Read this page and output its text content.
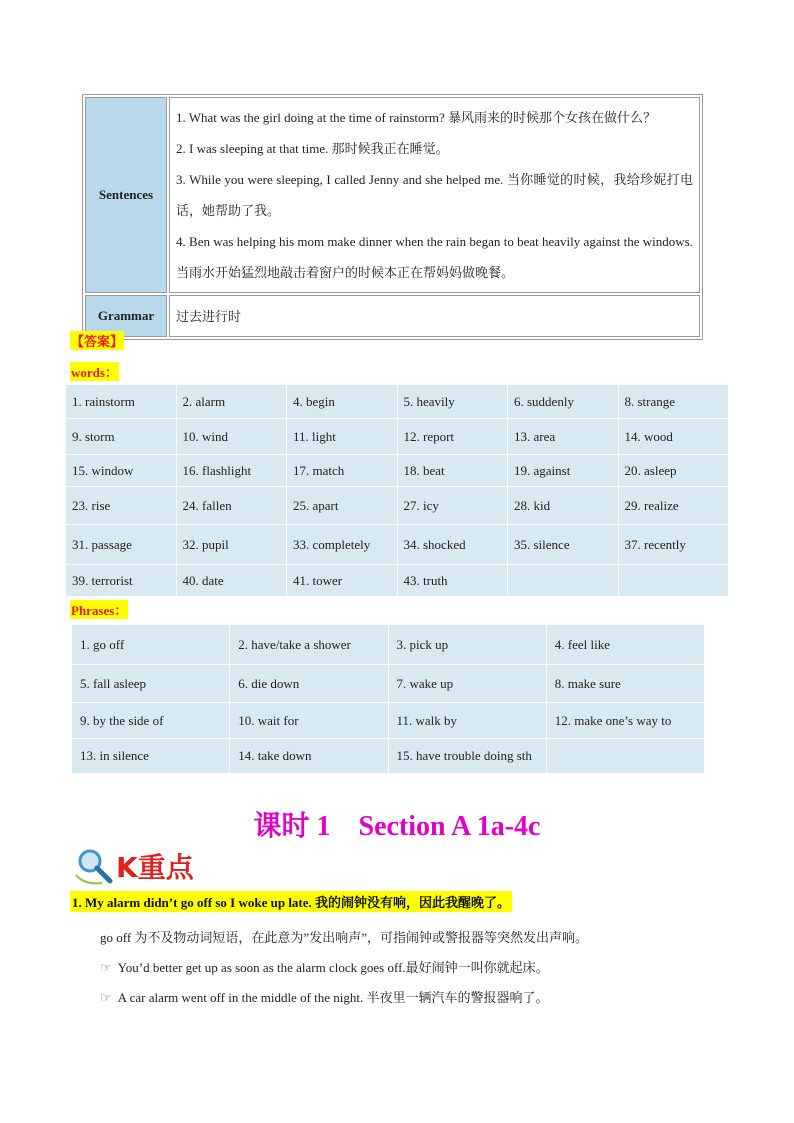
Sentences	1. What was the girl doing at the time of rainstorm? 暴风雨来的时候那个女孩在做什么？

2. I was sleeping at that time. 那时候我正在睡觉。

3. While you were sleeping, I called Jenny and she helped me. 当你睡觉的时候，我给珍妮打电话，她帮助了我。

4. Ben was helping his mom make dinner when the rain began to beat heavily against the windows. 当雨水开始猛烈地敲击着窗户的时候本正在帮妈妈做晚餐。

Grammar	过去进行时
【答案】
words：
1. rainstorm	2. alarm	4. begin	5. heavily	6. suddenly	8. strange
9. storm	10. wind	11. light	12. report	13. area	14. wood
15. window	16. flashlight	17. match	18. beat	19. against	20. asleep
23. rise	24. fallen	25. apart	27. icy	28. kid	29. realize
31. passage	32. pupil	33. completely	34. shocked	35. silence	37. recently
39. terrorist	40. date	41. tower	43. truth
Phrases：
1. go off	2. have/take a shower	3. pick up	4. feel like
5. fall asleep	6. die down	7. wake up	8. make sure
9. by the side of	10. wait for	11. walk by	12. make one’s way to
13. in silence	14. take down	15. have trouble doing sth
课时 1    Section A 1a-4c
K重点
1. My alarm didn’t go off so I woke up late. 我的闹钟没有响，因此我醒晚了。
go off 为不及物动词短语，在此意为”发出响声”，可指闹钟或警报器等突然发出声响。
☞ You’d better get up as soon as the alarm clock goes off.最好闹钟一叫你就起床。
☞ A car alarm went off in the middle of the night. 半夜里一辆汽车的警报器响了。
